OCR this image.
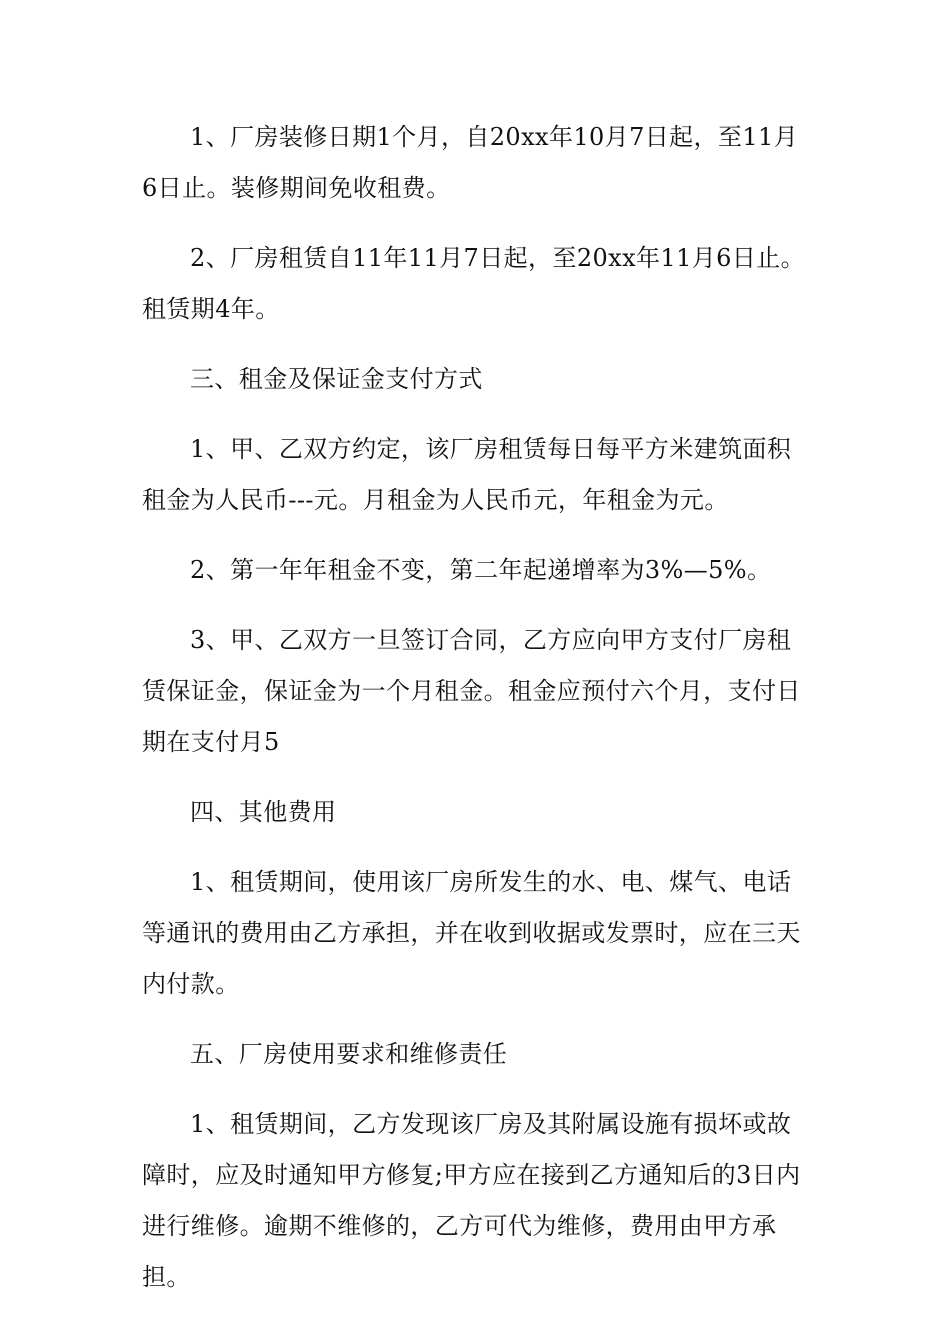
1、厂房装修日期1个月，自20xx年10月7日起，至11月6日止。装修期间免收租费。

2、厂房租赁自11年11月7日起，至20xx年11月6日止。租赁期4年。

三、租金及保证金支付方式

1、甲、乙双方约定，该厂房租赁每日每平方米建筑面积租金为人民币---元。月租金为人民币元，年租金为元。

2、第一年年租金不变，第二年起递增率为3%—5%。

3、甲、乙双方一旦签订合同，乙方应向甲方支付厂房租赁保证金，保证金为一个月租金。租金应预付六个月，支付日期在支付月5

四、其他费用

1、租赁期间，使用该厂房所发生的水、电、煤气、电话等通讯的费用由乙方承担，并在收到收据或发票时，应在三天内付款。

五、厂房使用要求和维修责任

1、租赁期间，乙方发现该厂房及其附属设施有损坏或故障时，应及时通知甲方修复;甲方应在接到乙方通知后的3日内进行维修。逾期不维修的，乙方可代为维修，费用由甲方承担。
